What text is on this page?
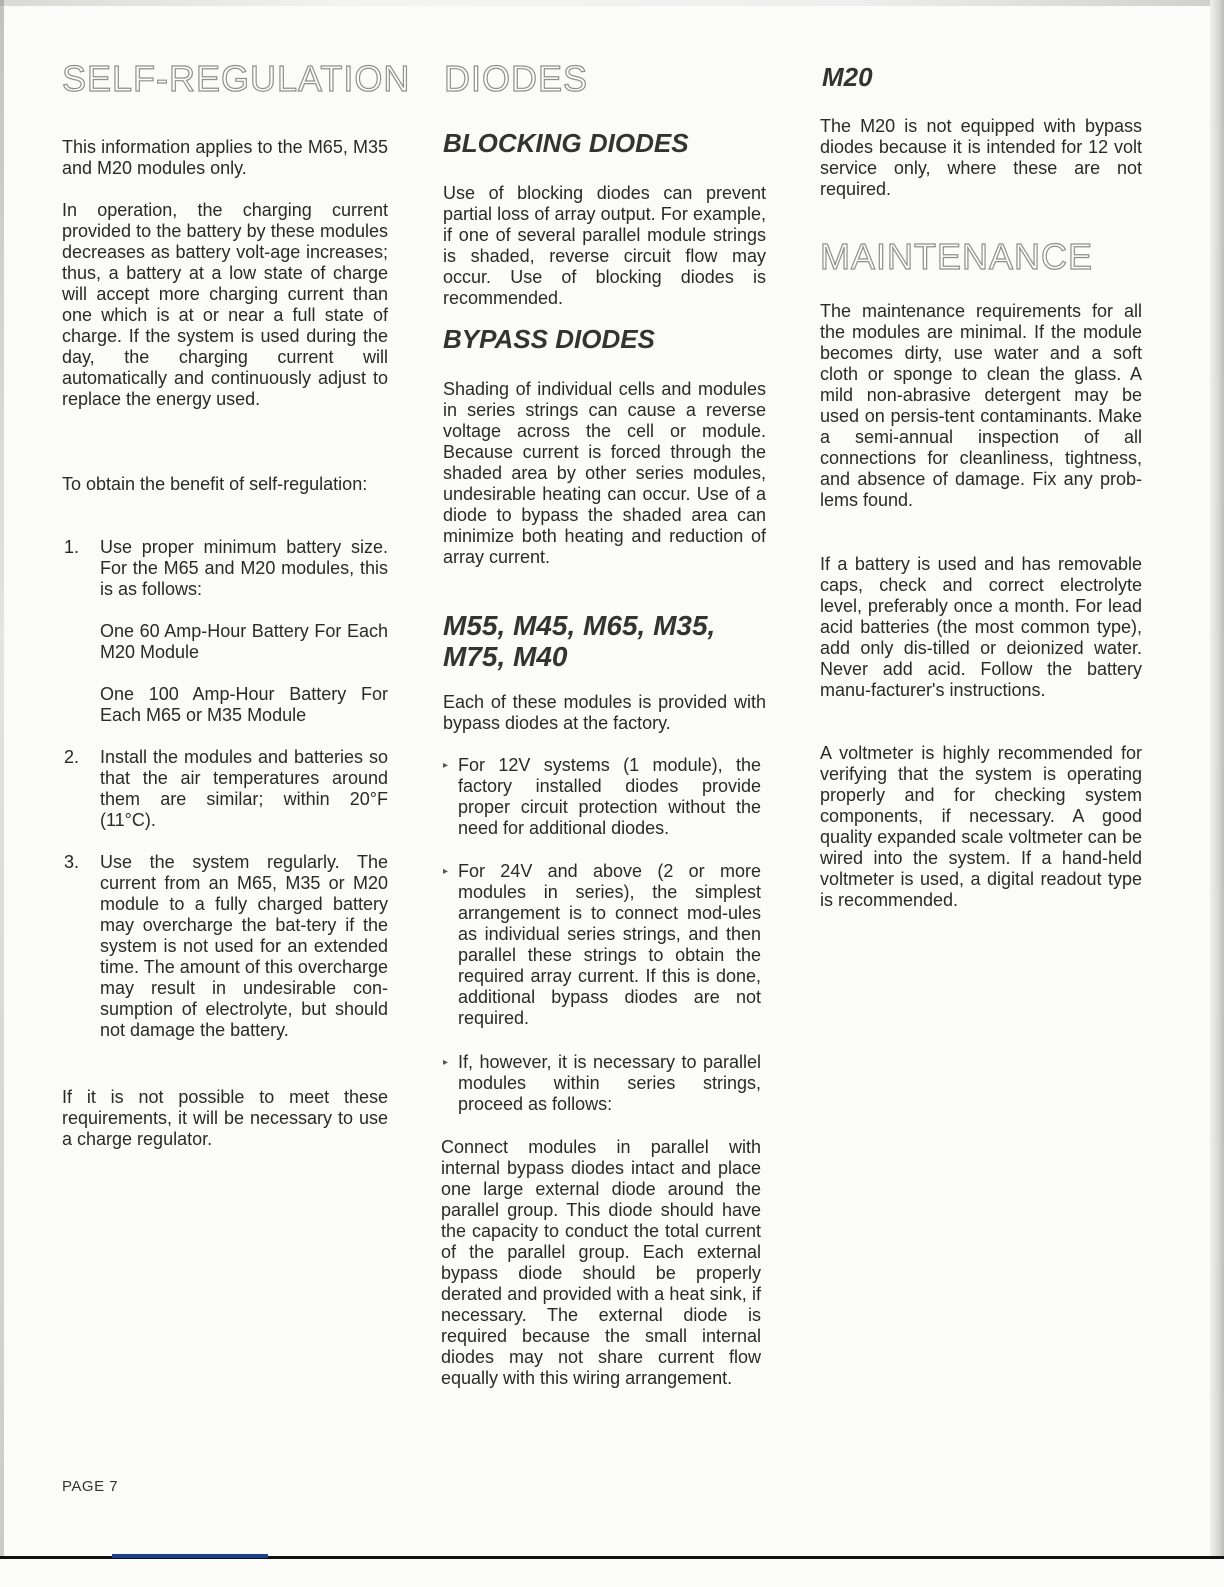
SELF-REGULATION

This information applies to the M65, M35 and M20 modules only.

In operation, the charging current provided to the battery by these modules decreases as battery volt-age increases; thus, a battery at a low state of charge will accept more charging current than one which is at or near a full state of charge. If the system is used during the day, the charging current will automatically and continuously adjust to replace the energy used.

To obtain the benefit of self-regulation:

1. Use proper minimum battery size. For the M65 and M20 modules, this is as follows:

One 60 Amp-Hour Battery For Each M20 Module

One 100 Amp-Hour Battery For Each M65 or M35 Module

2. Install the modules and batteries so that the air temperatures around them are similar; within 20°F (11°C).

3. Use the system regularly. The current from an M65, M35 or M20 module to a fully charged battery may overcharge the bat-tery if the system is not used for an extended time. The amount of this overcharge may result in undesirable con-sumption of electrolyte, but should not damage the battery.

If it is not possible to meet these requirements, it will be necessary to use a charge regulator.

DIODES
BLOCKING DIODES

Use of blocking diodes can prevent partial loss of array output. For example, if one of several parallel module strings is shaded, reverse circuit flow may occur. Use of blocking diodes is recommended.

BYPASS DIODES

Shading of individual cells and modules in series strings can cause a reverse voltage across the cell or module. Because current is forced through the shaded area by other series modules, undesirable heating can occur. Use of a diode to bypass the shaded area can minimize both heating and reduction of array current.

M55, M45, M65, M35,
M75, M40

Each of these modules is provided with bypass diodes at the factory.

▸ For 12V systems (1 module), the factory installed diodes provide proper circuit protection without the need for additional diodes.

▸ For 24V and above (2 or more modules in series), the simplest arrangement is to connect mod-ules as individual series strings, and then parallel these strings to obtain the required array current. If this is done, additional bypass diodes are not required.

▸ If, however, it is necessary to parallel modules within series strings, proceed as follows:

Connect modules in parallel with internal bypass diodes intact and place one large external diode around the parallel group. This diode should have the capacity to conduct the total current of the parallel group. Each external bypass diode should be properly derated and provided with a heat sink, if necessary. The external diode is required because the small internal diodes may not share current flow equally with this wiring arrangement.

M20

The M20 is not equipped with bypass diodes because it is intended for 12 volt service only, where these are not required.

MAINTENANCE

The maintenance requirements for all the modules are minimal. If the module becomes dirty, use water and a soft cloth or sponge to clean the glass. A mild non-abrasive detergent may be used on persis-tent contaminants. Make a semi-annual inspection of all connections for cleanliness, tightness, and absence of damage. Fix any prob-lems found.

If a battery is used and has removable caps, check and correct electrolyte level, preferably once a month. For lead acid batteries (the most common type), add only dis-tilled or deionized water. Never add acid. Follow the battery manu-facturer's instructions.

A voltmeter is highly recommended for verifying that the system is operating properly and for checking system components, if necessary. A good quality expanded scale voltmeter can be wired into the system. If a hand-held voltmeter is used, a digital readout type is recommended.

PAGE 7
